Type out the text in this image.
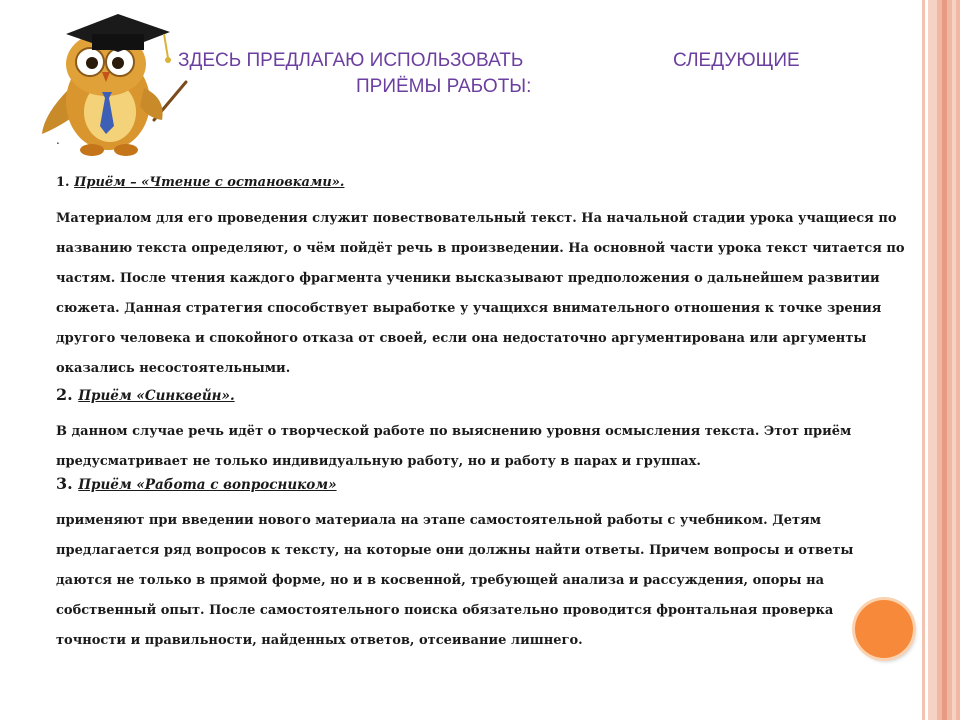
ЗДЕСЬ ПРЕДЛАГАЮ ИСПОЛЬЗОВАТЬ	СЛЕДУЮЩИЕ
ПРИЁМЫ РАБОТЫ:
.

1. Приём – «Чтение с остановками».

Материалом для его проведения служит повествовательный текст. На начальной стадии урока учащиеся по названию текста определяют, о чём пойдёт речь в произведении. На основной части урока текст читается по частям. После чтения каждого фрагмента ученики высказывают предположения о дальнейшем развитии сюжета. Данная стратегия способствует выработке у учащихся внимательного отношения к точке зрения другого человека и спокойного отказа от своей, если она недостаточно аргументирована или аргументы оказались несостоятельными.

2. Приём «Синквейн».

В данном случае речь идёт о творческой работе по выяснению уровня осмысления текста. Этот приём предусматривает не только индивидуальную работу, но и работу в парах и группах.

3. Приём «Работа с вопросником»

применяют при введении нового материала на этапе самостоятельной работы с учебником. Детям предлагается ряд вопросов к тексту, на которые они должны найти ответы. Причем вопросы и ответы даются не только в прямой форме, но и в косвенной, требующей анализа и рассуждения, опоры на собственный опыт. После самостоятельного поиска обязательно проводится фронтальная проверка точности и правильности, найденных ответов, отсеивание лишнего.
